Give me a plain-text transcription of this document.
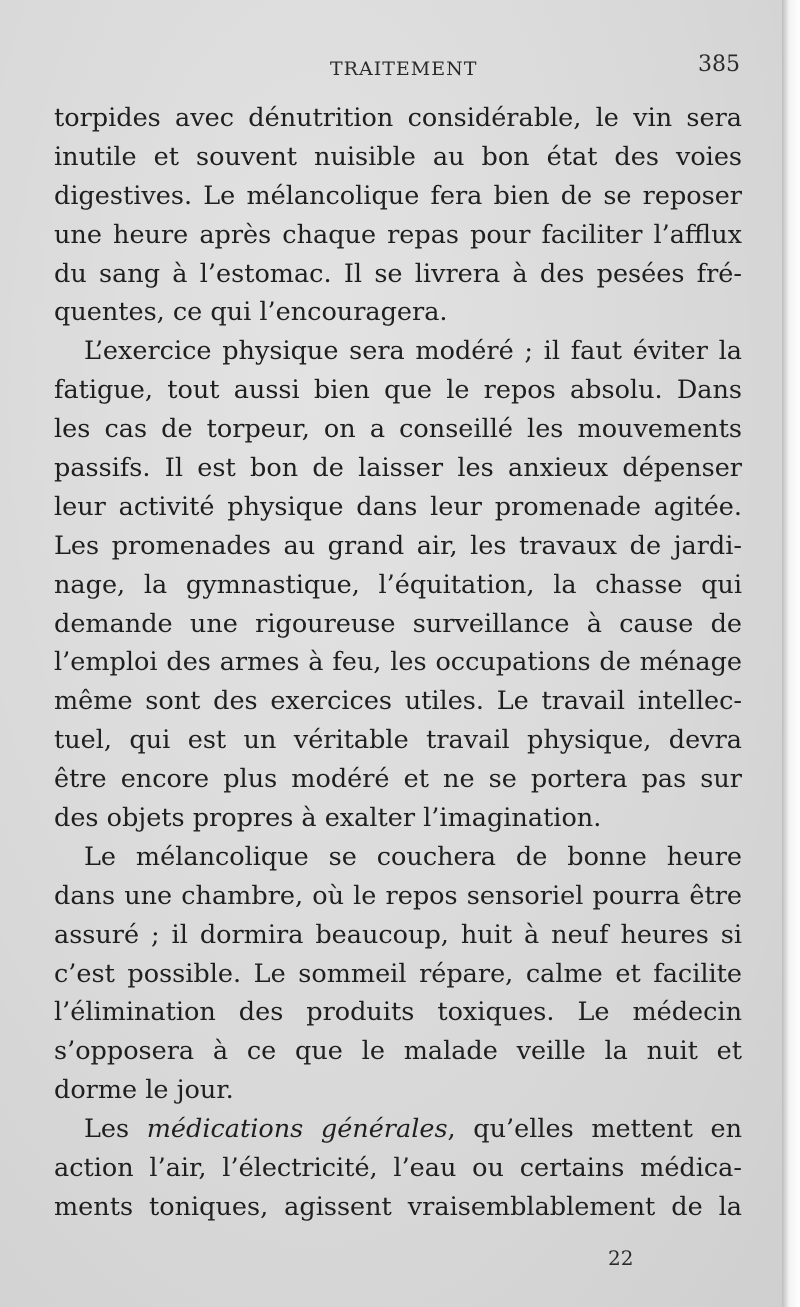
TRAITEMENT	385
torpides avec dénutrition considérable, le vin sera
inutile et souvent nuisible au bon état des voies
digestives. Le mélancolique fera bien de se reposer
une heure après chaque repas pour faciliter l’afflux
du sang à l’estomac. Il se livrera à des pesées fré-
quentes, ce qui l’encouragera.
L’exercice physique sera modéré ; il faut éviter la
fatigue, tout aussi bien que le repos absolu. Dans
les cas de torpeur, on a conseillé les mouvements
passifs. Il est bon de laisser les anxieux dépenser
leur activité physique dans leur promenade agitée.
Les promenades au grand air, les travaux de jardi-
nage, la gymnastique, l’équitation, la chasse qui
demande une rigoureuse surveillance à cause de
l’emploi des armes à feu, les occupations de ménage
même sont des exercices utiles. Le travail intellec-
tuel, qui est un véritable travail physique, devra
être encore plus modéré et ne se portera pas sur
des objets propres à exalter l’imagination.
Le mélancolique se couchera de bonne heure
dans une chambre, où le repos sensoriel pourra être
assuré ; il dormira beaucoup, huit à neuf heures si
c’est possible. Le sommeil répare, calme et facilite
l’élimination des produits toxiques. Le médecin
s’opposera à ce que le malade veille la nuit et
dorme le jour.
Les médications générales, qu’elles mettent en
action l’air, l’électricité, l’eau ou certains médica-
ments toniques, agissent vraisemblablement de la
22
